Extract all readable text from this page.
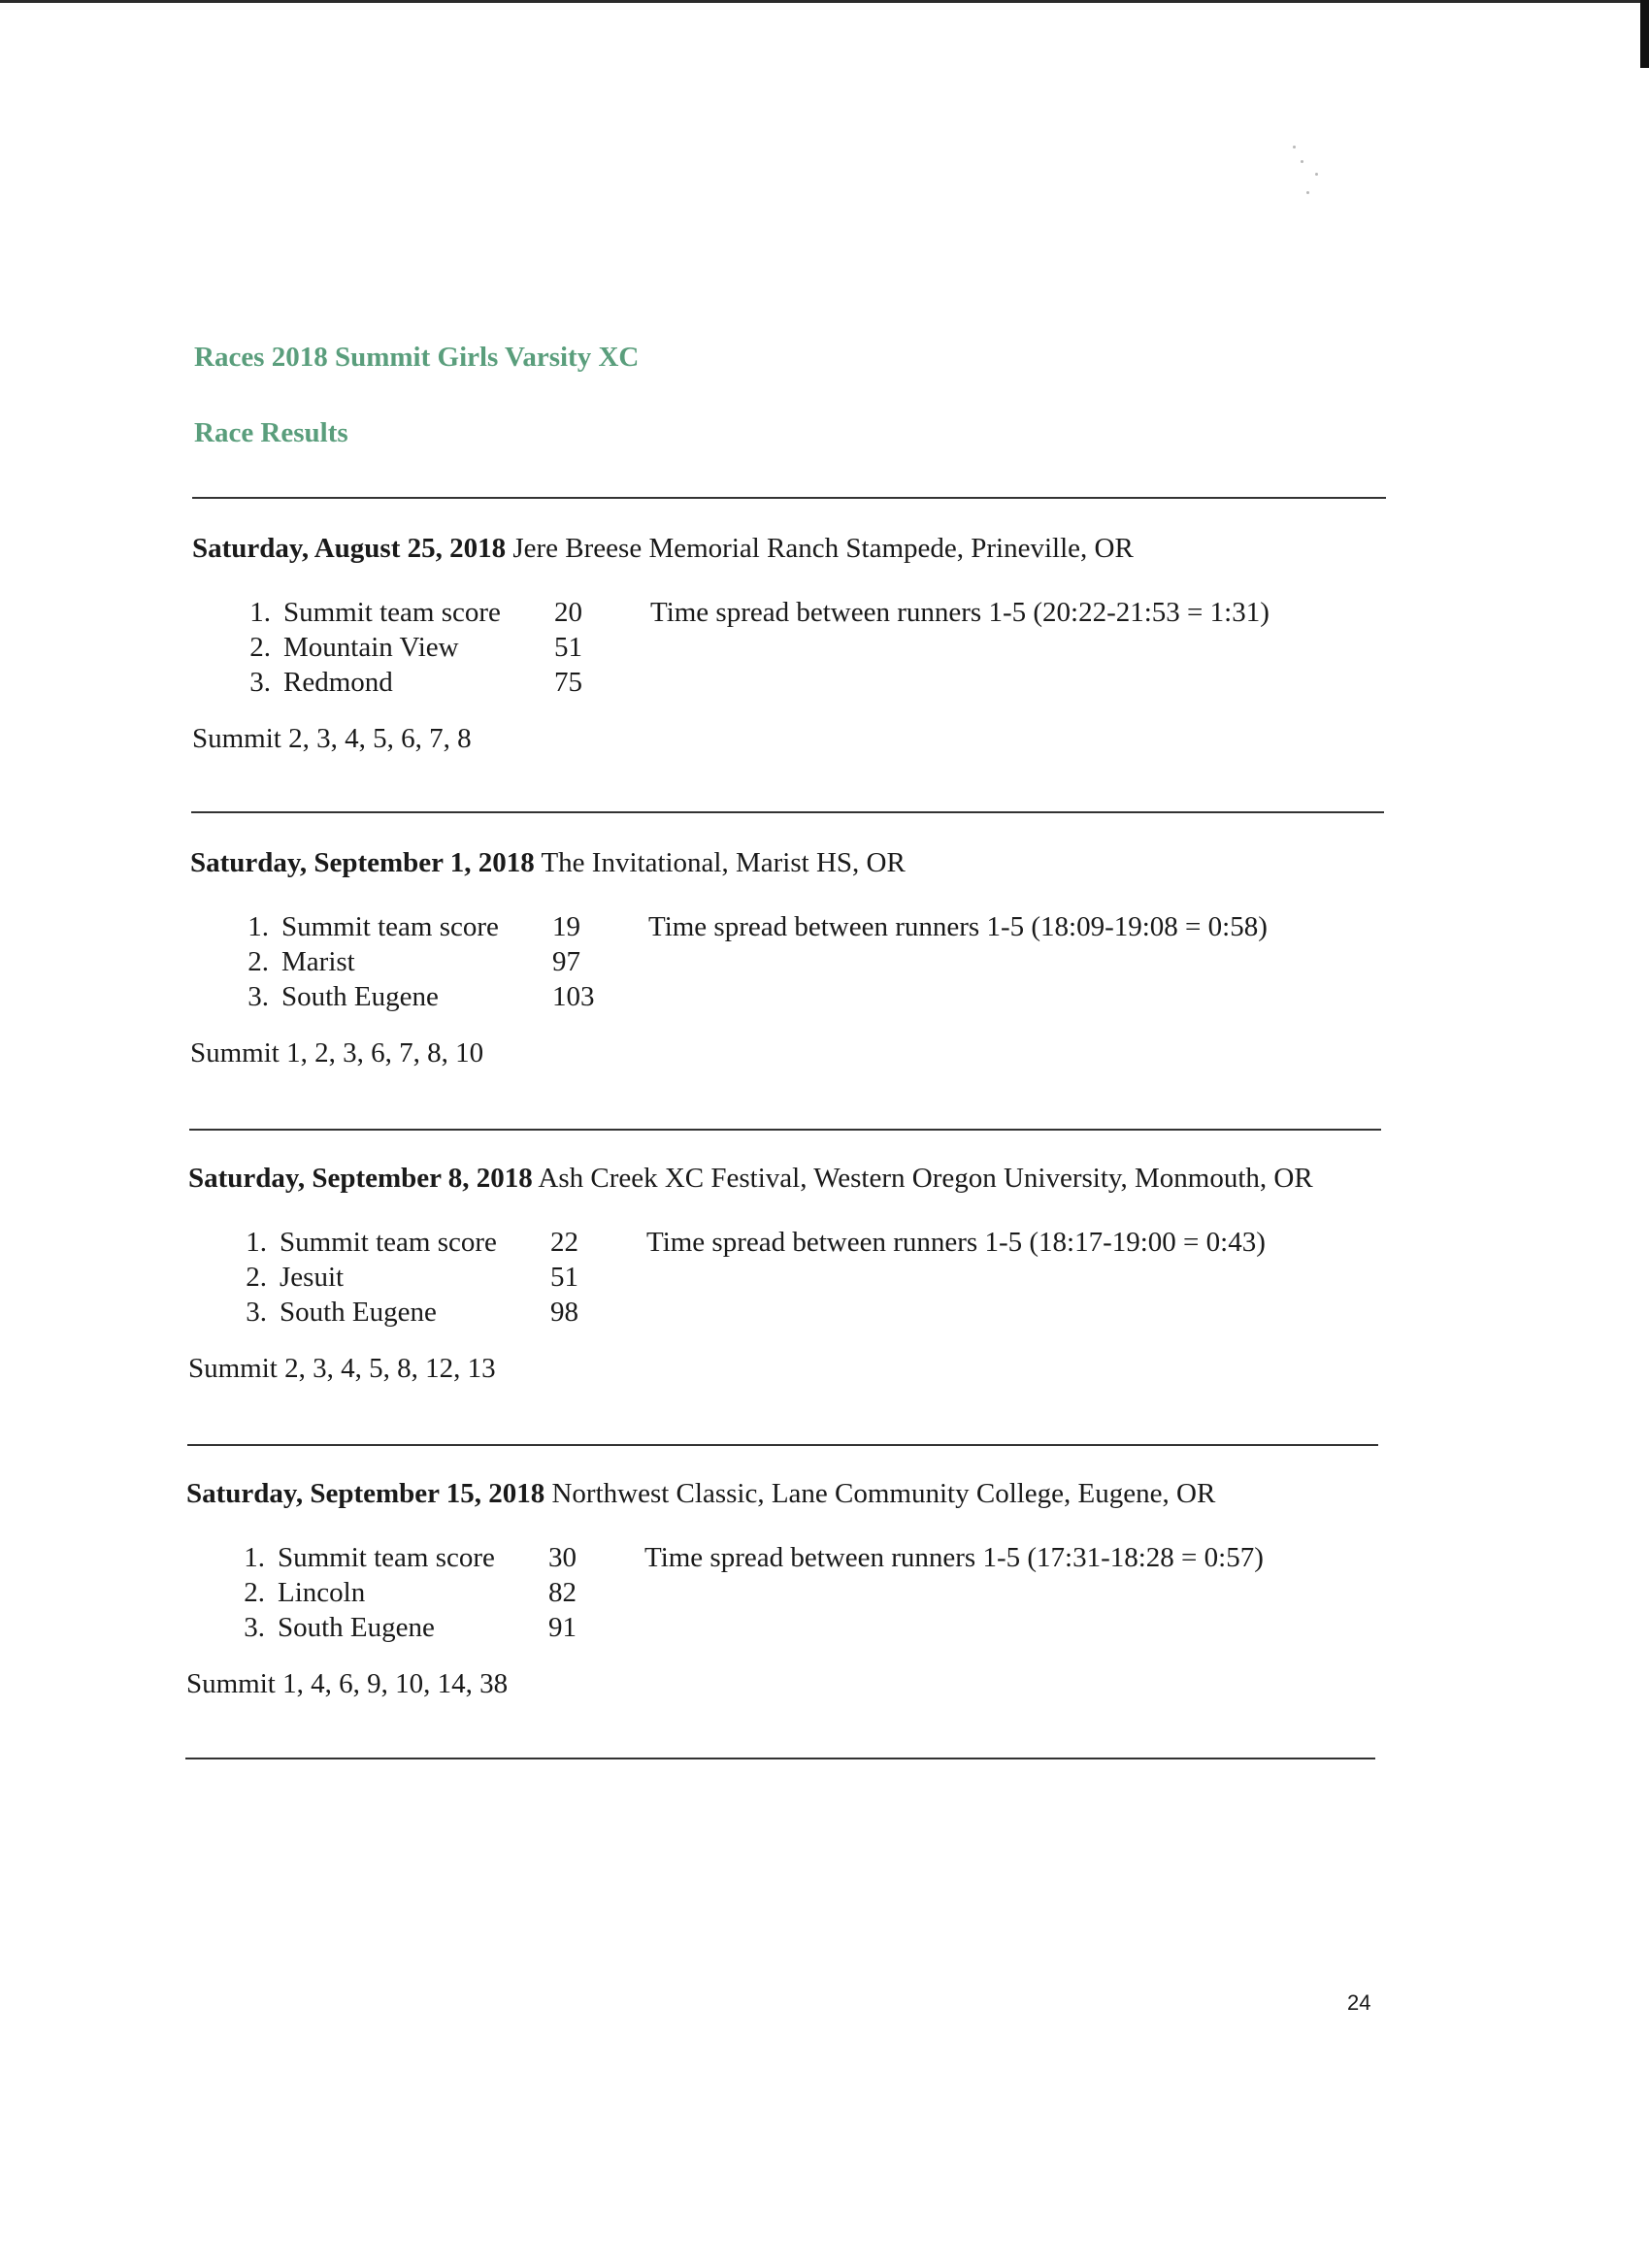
Races 2018 Summit Girls Varsity XC
Race Results
Saturday, August 25, 2018 Jere Breese Memorial Ranch Stampede, Prineville, OR
1. Summit team score 20
2. Mountain View	51
3. Redmond	75
Time spread between runners 1-5 (20:22-21:53 = 1:31)
Summit 2, 3, 4, 5, 6, 7, 8
Saturday, September 1, 2018 The Invitational, Marist HS, OR
1. Summit team score 19
2. Marist	97
3. South Eugene	103
Time spread between runners 1-5 (18:09-19:08 = 0:58)
Summit 1, 2, 3, 6, 7, 8, 10
Saturday, September 8, 2018 Ash Creek XC Festival, Western Oregon University, Monmouth, OR
1. Summit team score 22
2. Jesuit	51
3. South Eugene	98
Time spread between runners 1-5 (18:17-19:00 = 0:43)
Summit 2, 3, 4, 5, 8, 12, 13
Saturday, September 15, 2018 Northwest Classic, Lane Community College, Eugene, OR
1. Summit team score 30
2. Lincoln	82
3. South Eugene	91
Time spread between runners 1-5 (17:31-18:28 = 0:57)
Summit 1, 4, 6, 9, 10, 14, 38
24
